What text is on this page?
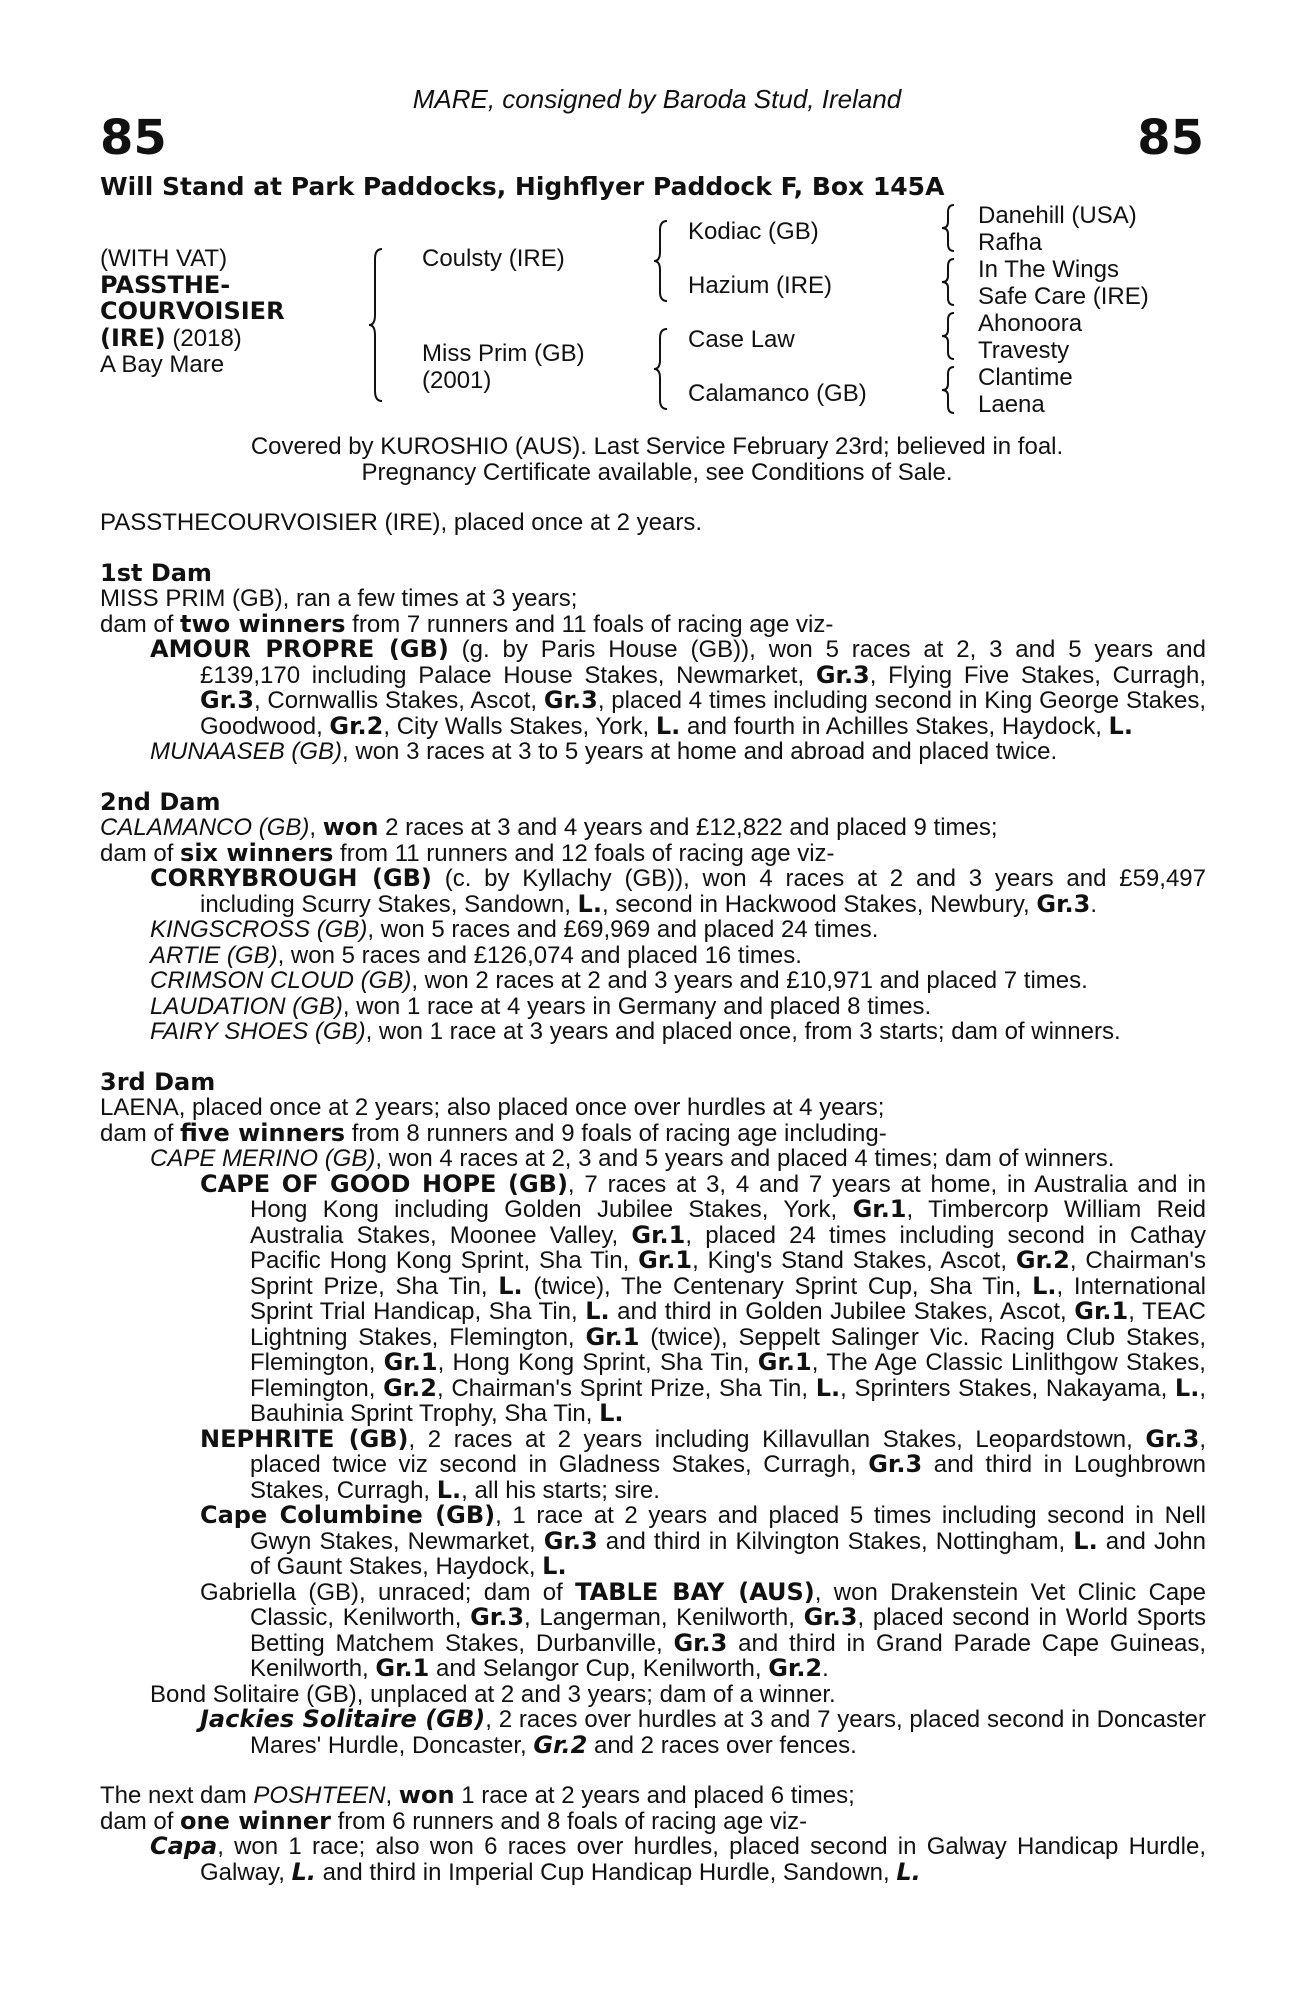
MARE, consigned by Baroda Stud, Ireland
85	85
Will Stand at Park Paddocks, Highflyer Paddock F, Box 145A
(WITH VAT)
PASSTHE-
COURVOISIER
(IRE) (2018)
A Bay Mare
Coulsty (IRE)
Miss Prim (GB)
(2001)
Kodiac (GB)
Hazium (IRE)
Case Law
Calamanco (GB)
Danehill (USA)
Rafha
In The Wings
Safe Care (IRE)
Ahonoora
Travesty
Clantime
Laena
Covered by KUROSHIO (AUS). Last Service February 23rd; believed in foal.
Pregnancy Certificate available, see Conditions of Sale.

PASSTHECOURVOISIER (IRE), placed once at 2 years.

1st Dam

MISS PRIM (GB), ran a few times at 3 years;

dam of two winners from 7 runners and 11 foals of racing age viz-

AMOUR PROPRE (GB) (g. by Paris House (GB)), won 5 races at 2, 3 and 5 years and £139,170 including Palace House Stakes, Newmarket, Gr.3, Flying Five Stakes, Curragh, Gr.3, Cornwallis Stakes, Ascot, Gr.3, placed 4 times including second in King George Stakes, Goodwood, Gr.2, City Walls Stakes, York, L. and fourth in Achilles Stakes, Haydock, L.

MUNAASEB (GB), won 3 races at 3 to 5 years at home and abroad and placed twice.

2nd Dam

CALAMANCO (GB), won 2 races at 3 and 4 years and £12,822 and placed 9 times;

dam of six winners from 11 runners and 12 foals of racing age viz-

CORRYBROUGH (GB) (c. by Kyllachy (GB)), won 4 races at 2 and 3 years and £59,497 including Scurry Stakes, Sandown, L., second in Hackwood Stakes, Newbury, Gr.3.

KINGSCROSS (GB), won 5 races and £69,969 and placed 24 times.

ARTIE (GB), won 5 races and £126,074 and placed 16 times.

CRIMSON CLOUD (GB), won 2 races at 2 and 3 years and £10,971 and placed 7 times.

LAUDATION (GB), won 1 race at 4 years in Germany and placed 8 times.

FAIRY SHOES (GB), won 1 race at 3 years and placed once, from 3 starts; dam of winners.

3rd Dam

LAENA, placed once at 2 years; also placed once over hurdles at 4 years;

dam of five winners from 8 runners and 9 foals of racing age including-

CAPE MERINO (GB), won 4 races at 2, 3 and 5 years and placed 4 times; dam of winners.

CAPE OF GOOD HOPE (GB), 7 races at 3, 4 and 7 years at home, in Australia and in Hong Kong including Golden Jubilee Stakes, York, Gr.1, Timbercorp William Reid Australia Stakes, Moonee Valley, Gr.1, placed 24 times including second in Cathay Pacific Hong Kong Sprint, Sha Tin, Gr.1, King's Stand Stakes, Ascot, Gr.2, Chairman's Sprint Prize, Sha Tin, L. (twice), The Centenary Sprint Cup, Sha Tin, L., International Sprint Trial Handicap, Sha Tin, L. and third in Golden Jubilee Stakes, Ascot, Gr.1, TEAC Lightning Stakes, Flemington, Gr.1 (twice), Seppelt Salinger Vic. Racing Club Stakes, Flemington, Gr.1, Hong Kong Sprint, Sha Tin, Gr.1, The Age Classic Linlithgow Stakes, Flemington, Gr.2, Chairman's Sprint Prize, Sha Tin, L., Sprinters Stakes, Nakayama, L., Bauhinia Sprint Trophy, Sha Tin, L.

NEPHRITE (GB), 2 races at 2 years including Killavullan Stakes, Leopardstown, Gr.3, placed twice viz second in Gladness Stakes, Curragh, Gr.3 and third in Loughbrown Stakes, Curragh, L., all his starts; sire.

Cape Columbine (GB), 1 race at 2 years and placed 5 times including second in Nell Gwyn Stakes, Newmarket, Gr.3 and third in Kilvington Stakes, Nottingham, L. and John of Gaunt Stakes, Haydock, L.

Gabriella (GB), unraced; dam of TABLE BAY (AUS), won Drakenstein Vet Clinic Cape Classic, Kenilworth, Gr.3, Langerman, Kenilworth, Gr.3, placed second in World Sports Betting Matchem Stakes, Durbanville, Gr.3 and third in Grand Parade Cape Guineas, Kenilworth, Gr.1 and Selangor Cup, Kenilworth, Gr.2.

Bond Solitaire (GB), unplaced at 2 and 3 years; dam of a winner.

Jackies Solitaire (GB), 2 races over hurdles at 3 and 7 years, placed second in Doncaster Mares' Hurdle, Doncaster, Gr.2 and 2 races over fences.

The next dam POSHTEEN, won 1 race at 2 years and placed 6 times;

dam of one winner from 6 runners and 8 foals of racing age viz-

Capa, won 1 race; also won 6 races over hurdles, placed second in Galway Handicap Hurdle, Galway, L. and third in Imperial Cup Handicap Hurdle, Sandown, L.
